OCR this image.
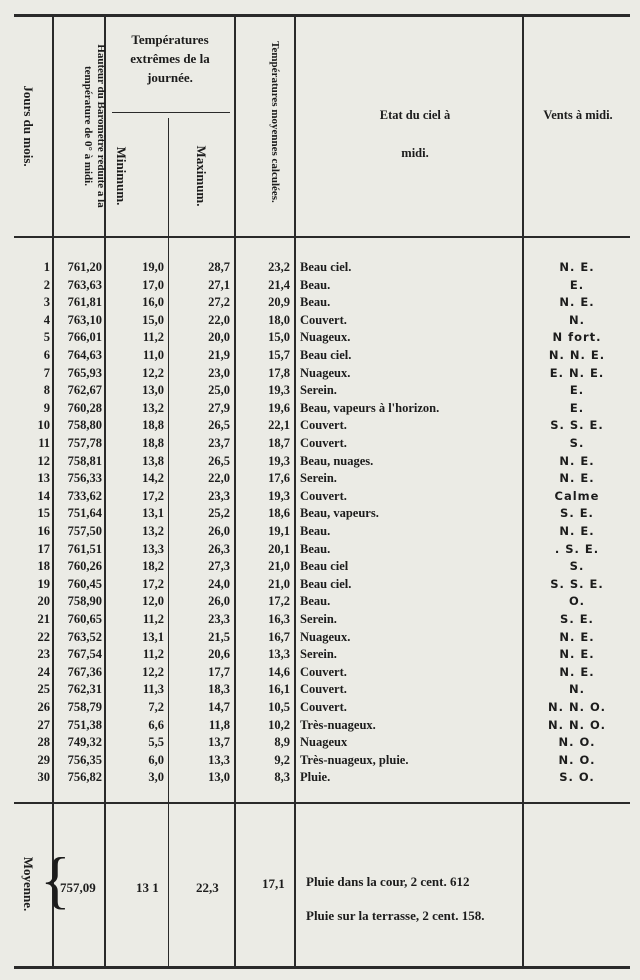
Jours du mois.	Hauteur du Baromètre réduite à la température de 0° à midi.
Températures extrêmes de la journée.
Minimum.	Maximum.	Températures moyennes calculées.	Etat du ciel à midi.
Vents à midi.
1	761,20	19,0	28,7	23,2 Beau ciel.	N. E.
2	763,63	17,0	27,1	21,4 Beau.	E.
3	761,81	16,0	27,2	20,9 Beau.	N. E.
4	763,10	15,0	22,0	18,0 Couvert.	N.
5	766,01	11,2	20,0	15,0 Nuageux.	N fort.
6	764,63	11,0	21,9	15,7 Beau ciel.	N. N. E.
7	765,93	12,2	23,0	17,8 Nuageux.	E. N. E.
8	762,67	13,0	25,0	19,3 Serein.	E.
9	760,28	13,2	27,9	19,6 Beau, vapeurs à l'horizon.	E.
10	758,80	18,8	26,5	22,1 Couvert.	S. S. E.
11	757,78	18,8	23,7	18,7 Couvert.	S.
12	758,81	13,8	26,5	19,3 Beau, nuages.	N. E.
13	756,33	14,2	22,0	17,6 Serein.	N. E.
14	733,62	17,2	23,3	19,3 Couvert.	Calme
15	751,64	13,1	25,2	18,6 Beau, vapeurs.	S. E.
16	757,50	13,2	26,0	19,1 Beau.	N. E.
17	761,51	13,3	26,3	20,1 Beau.	. S. E.
18	760,26	18,2	27,3	21,0 Beau ciel	S.
19	760,45	17,2	24,0	21,0 Beau ciel.	S. S. E.
20	758,90	12,0	26,0	17,2 Beau.	O.
21	760,65	11,2	23,3	16,3 Serein.	S. E.
22	763,52	13,1	21,5	16,7 Nuageux.	N. E.
23	767,54	11,2	20,6	13,3 Serein.	N. E.
24	767,36	12,2	17,7	14,6 Couvert.	N. E.
25	762,31	11,3	18,3	16,1 Couvert.	N.
26	758,79	7,2	14,7	10,5 Couvert.	N. N. O.
27	751,38	6,6	11,8	10,2 Très-nuageux.	N. N. O.
28	749,32	5,5	13,7	8,9 Nuageux	N. O.
29	756,35	6,0	13,3	9,2 Très-nuageux, pluie.	N. O.
30	756,82	3,0	13,0	8,3 Pluie.	S. O.
Moyenne. {
757,09	13 1	22,3	17,1 Pluie dans la cour, 2 cent. 612
Pluie sur la terrasse, 2 cent. 158.
